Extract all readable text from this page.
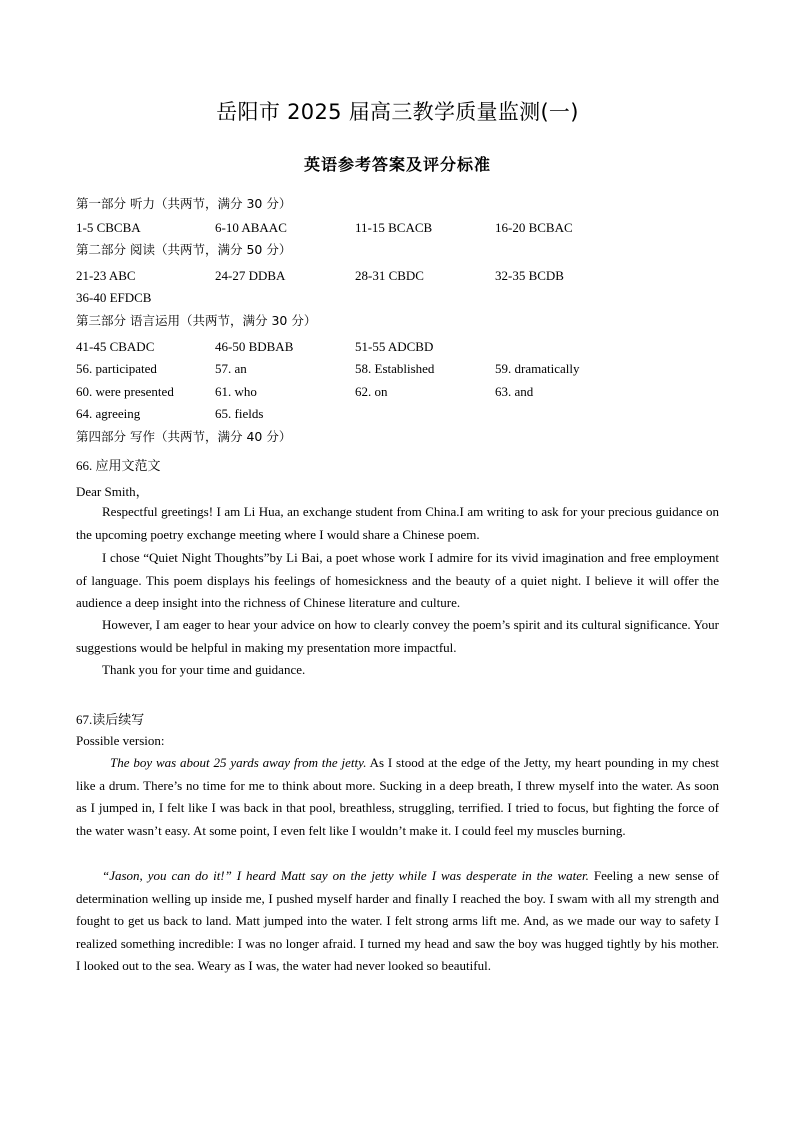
岳阳市 2025 届高三教学质量监测(一)
英语参考答案及评分标准
第一部分 听力（共两节，满分 30 分）
1-5 CBCBA	6-10 ABAAC	11-15 BCACB	16-20 BCBAC
第二部分 阅读（共两节，满分 50 分）
21-23 ABC	24-27 DDBA	28-31 CBDC	32-35 BCDB
36-40 EFDCB
第三部分 语言运用（共两节，满分 30 分）
41-45 CBADC	46-50 BDBAB	51-55 ADCBD
56. participated	57. an	58. Established	59. dramatically
60. were presented	61. who	62. on	63. and
64. agreeing	65. fields
第四部分 写作（共两节，满分 40 分）
66. 应用文范文
Dear Smith，
Respectful greetings! I am Li Hua, an exchange student from China.I am writing to ask for your precious guidance on the upcoming poetry exchange meeting where I would share a Chinese poem.
I chose “Quiet Night Thoughts”by Li Bai, a poet whose work I admire for its vivid imagination and free employment of language. This poem displays his feelings of homesickness and the beauty of a quiet night. I believe it will offer the audience a deep insight into the richness of Chinese literature and culture.
However, I am eager to hear your advice on how to clearly convey the poem’s spirit and its cultural significance. Your suggestions would be helpful in making my presentation more impactful.
Thank you for your time and guidance.
67.读后续写
Possible version:
The boy was about 25 yards away from the jetty. As I stood at the edge of the Jetty, my heart pounding in my chest like a drum. There’s no time for me to think about more. Sucking in a deep breath, I threw myself into the water. As soon as I jumped in, I felt like I was back in that pool, breathless, struggling, terrified. I tried to focus, but fighting the force of the water wasn’t easy. At some point, I even felt like I wouldn’t make it. I could feel my muscles burning.
“Jason, you can do it!” I heard Matt say on the jetty while I was desperate in the water. Feeling a new sense of determination welling up inside me, I pushed myself harder and finally I reached the boy. I swam with all my strength and fought to get us back to land. Matt jumped into the water. I felt strong arms lift me. And, as we made our way to safety I realized something incredible: I was no longer afraid. I turned my head and saw the boy was hugged tightly by his mother. I looked out to the sea. Weary as I was, the water had never looked so beautiful.
